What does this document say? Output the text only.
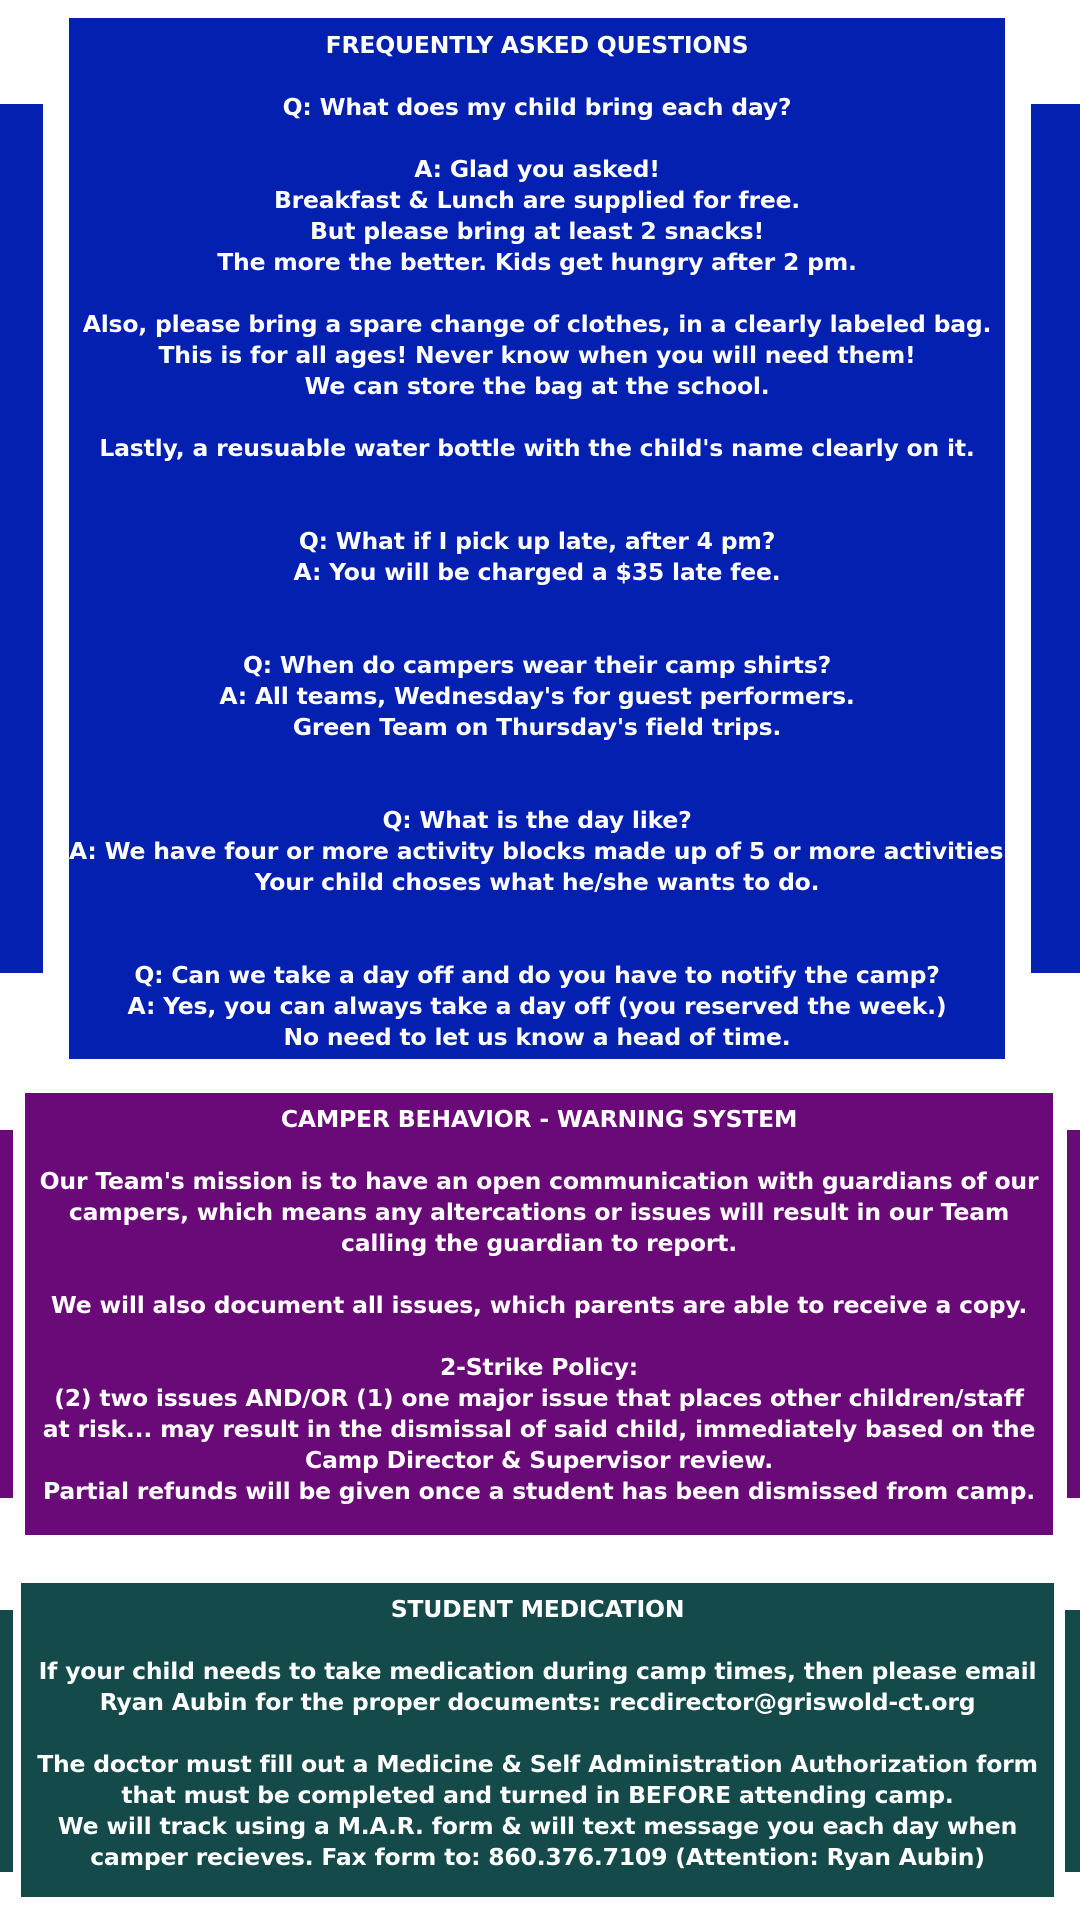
FREQUENTLY ASKED QUESTIONS
Q: What does my child bring each day?
A: Glad you asked!
Breakfast & Lunch are supplied for free.
But please bring at least 2 snacks!
The more the better. Kids get hungry after 2 pm.
Also, please bring a spare change of clothes, in a clearly labeled bag.
This is for all ages! Never know when you will need them!
We can store the bag at the school.
Lastly, a reusuable water bottle with the child's name clearly on it.
Q: What if I pick up late, after 4 pm?
A: You will be charged a $35 late fee.
Q: When do campers wear their camp shirts?
A: All teams, Wednesday's for guest performers.
Green Team on Thursday's field trips.
Q: What is the day like?
A: We have four or more activity blocks made up of 5 or more activities.
Your child choses what he/she wants to do.
Q: Can we take a day off and do you have to notify the camp?
A: Yes, you can always take a day off (you reserved the week.)
No need to let us know a head of time.
CAMPER BEHAVIOR - WARNING SYSTEM

Our Team's mission is to have an open communication with guardians of our campers, which means any altercations or issues will result in our Team calling the guardian to report.

We will also document all issues, which parents are able to receive a copy.
2-Strike Policy:

(2) two issues AND/OR (1) one major issue that places other children/staff at risk... may result in the dismissal of said child, immediately based on the Camp Director & Supervisor review.

Partial refunds will be given once a student has been dismissed from camp.
STUDENT MEDICATION
If your child needs to take medication during camp times, then please email
Ryan Aubin for the proper documents: recdirector@griswold-ct.org
The doctor must fill out a Medicine & Self Administration Authorization form
that must be completed and turned in BEFORE attending camp.
We will track using a M.A.R. form & will text message you each day when
camper recieves. Fax form to: 860.376.7109 (Attention: Ryan Aubin)
